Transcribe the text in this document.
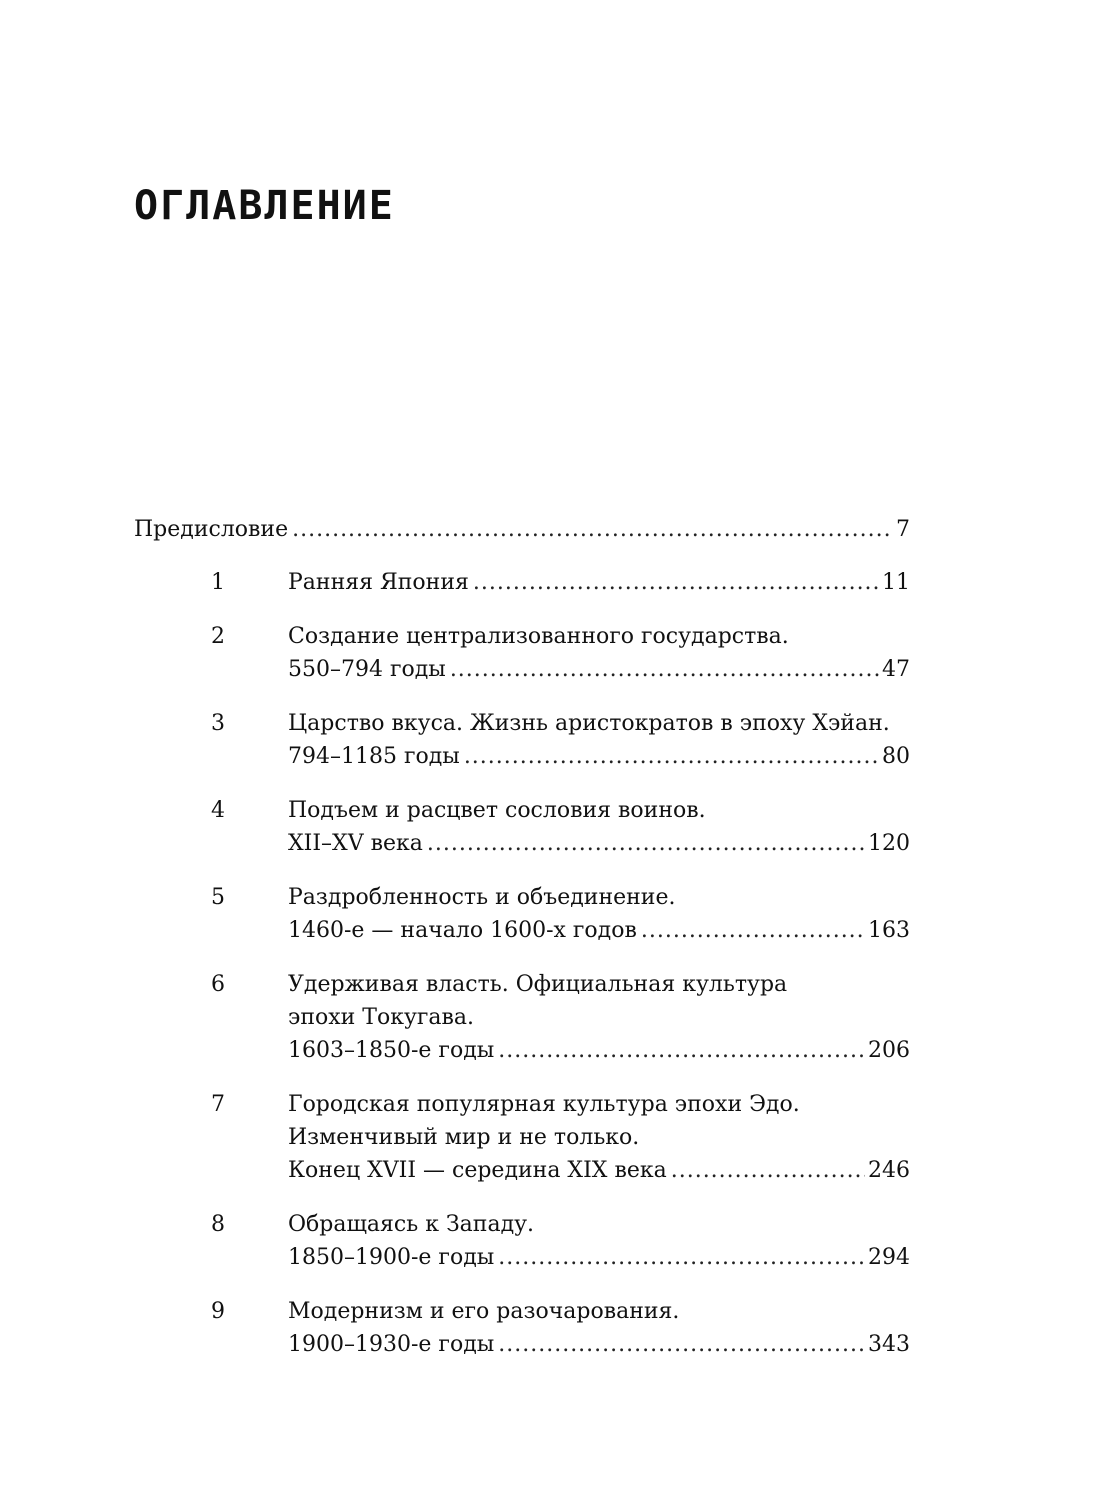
ОГЛАВЛЕНИЕ
Предисловие .....	7
1	Ранняя Япония .....	11
2	Создание централизованного государства.
550–794 годы .....	47
3	Царство вкуса. Жизнь аристократов в эпоху Хэйан.
794–1185 годы .....	80
4	Подъем и расцвет сословия воинов.
XII–XV века .....	120
5	Раздробленность и объединение.
1460-е — начало 1600-х годов .....	163
6	Удерживая власть. Официальная культура
эпохи Токугава.
1603–1850-е годы .....	206
7	Городская популярная культура эпохи Эдо.
Изменчивый мир и не только.
Конец XVII — середина XIX века .....	246
8	Обращаясь к Западу.
1850–1900-е годы .....	294
9	Модернизм и его разочарования.
1900–1930-е годы .....	343
